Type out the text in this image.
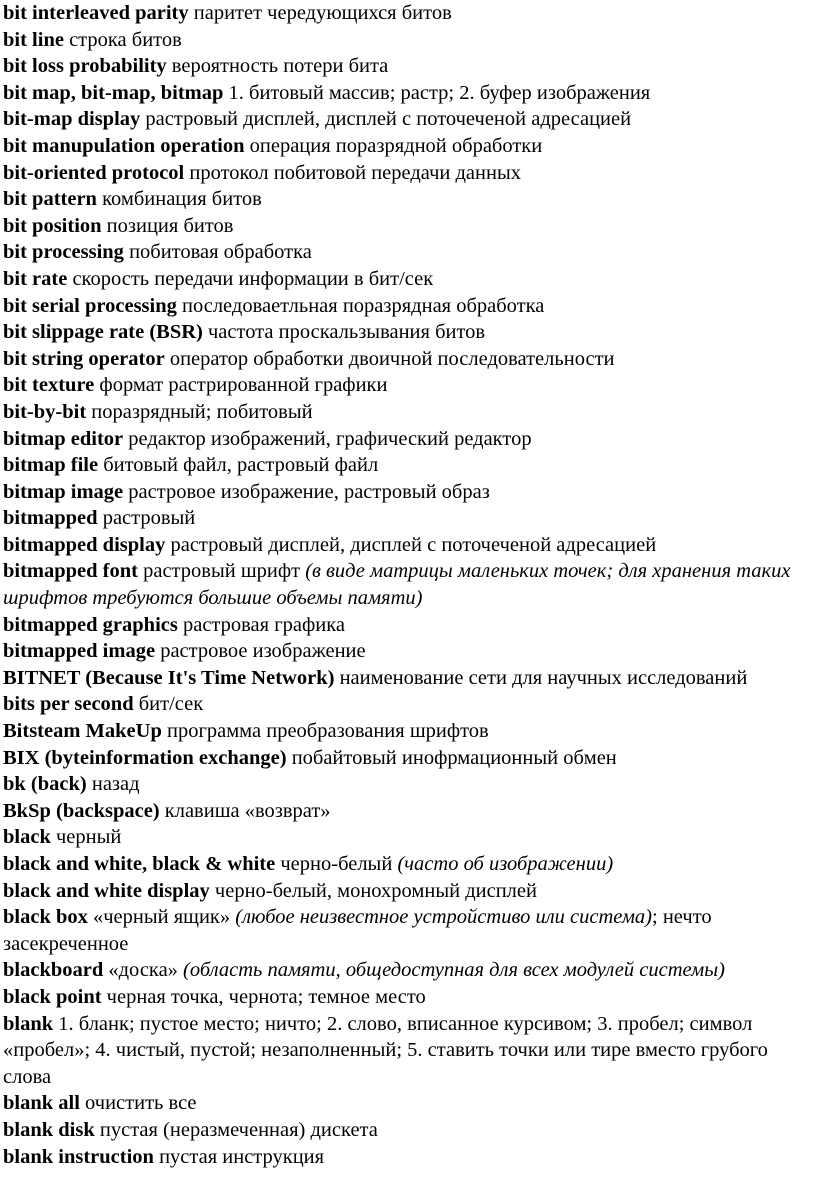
bit interleaved parity паритет чередующихся битов
bit line строка битов
bit loss probability вероятность потери бита
bit map, bit-map, bitmap 1. битовый массив; растр; 2. буфер изображения
bit-map display растровый дисплей, дисплей с поточеченой адресацией
bit manupulation operation операция поразрядной обработки
bit-oriented protocol протокол побитовой передачи данных
bit pattern комбинация битов
bit position позиция битов
bit processing побитовая обработка
bit rate скорость передачи информации в бит/сек
bit serial processing последоваетльная поразрядная обработка
bit slippage rate (BSR) частота проскальзывания битов
bit string operator оператор обработки двоичной последовательности
bit texture формат растрированной графики
bit-by-bit поразрядный; побитовый
bitmap editor редактор изображений, графический редактор
bitmap file битовый файл, растровый файл
bitmap image растровое изображение, растровый образ
bitmapped растровый
bitmapped display растровый дисплей, дисплей с поточеченой адресацией
bitmapped font растровый шрифт (в виде матрицы маленьких точек; для хранения таких шрифтов требуются большие объемы памяти)
bitmapped graphics растровая графика
bitmapped image растровое изображение
BITNET (Because It's Time Network) наименование сети для научных исследований
bits per second бит/сек
Bitsteam MakeUp программа преобразования шрифтов
BIX (byteinformation exchange) побайтовый инофрмационный обмен
bk (back) назад
BkSp (backspace) клавиша «возврат»
black черный
black and white, black & white черно-белый (часто об изображении)
black and white display черно-белый, монохромный дисплей
black box «черный ящик» (любое неизвестное устройстиво или система); нечто засекреченное
blackboard «доска» (область памяти, общедоступная для всех модулей системы)
black point черная точка, чернота; темное место
blank 1. бланк; пустое место; ничто; 2. слово, вписанное курсивом; 3. пробел; символ «пробел»; 4. чистый, пустой; незаполненный; 5. ставить точки или тире вместо грубого слова
blank all очистить все
blank disk пустая (неразмеченная) дискета
blank instruction пустая инструкция
